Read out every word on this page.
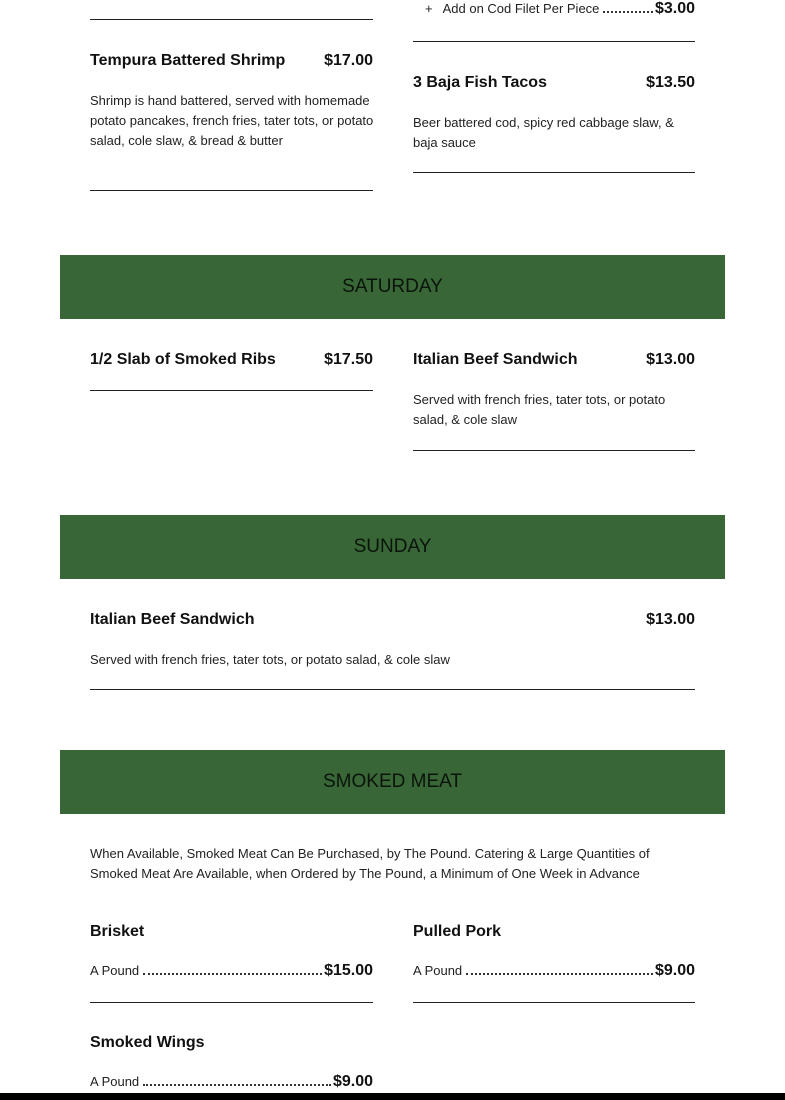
+ Add on Cod Filet Per Piece	$3.00
Tempura Battered Shrimp	$17.00
Shrimp is hand battered, served with homemade potato pancakes, french fries, tater tots, or potato salad, cole slaw, & bread & butter
3 Baja Fish Tacos	$13.50
Beer battered cod, spicy red cabbage slaw, & baja sauce
SATURDAY
1/2 Slab of Smoked Ribs	$17.50	Italian Beef Sandwich	$13.00
Served with french fries, tater tots, or potato salad, & cole slaw
SUNDAY
Italian Beef Sandwich	$13.00
Served with french fries, tater tots, or potato salad, & cole slaw
SMOKED MEAT
When Available, Smoked Meat Can Be Purchased, by The Pound. Catering & Large Quantities of Smoked Meat Are Available, when Ordered by The Pound, a Minimum of One Week in Advance
Brisket
A Pound	$15.00
Pulled Pork
A Pound	$9.00
Smoked Wings
A Pound	$9.00
